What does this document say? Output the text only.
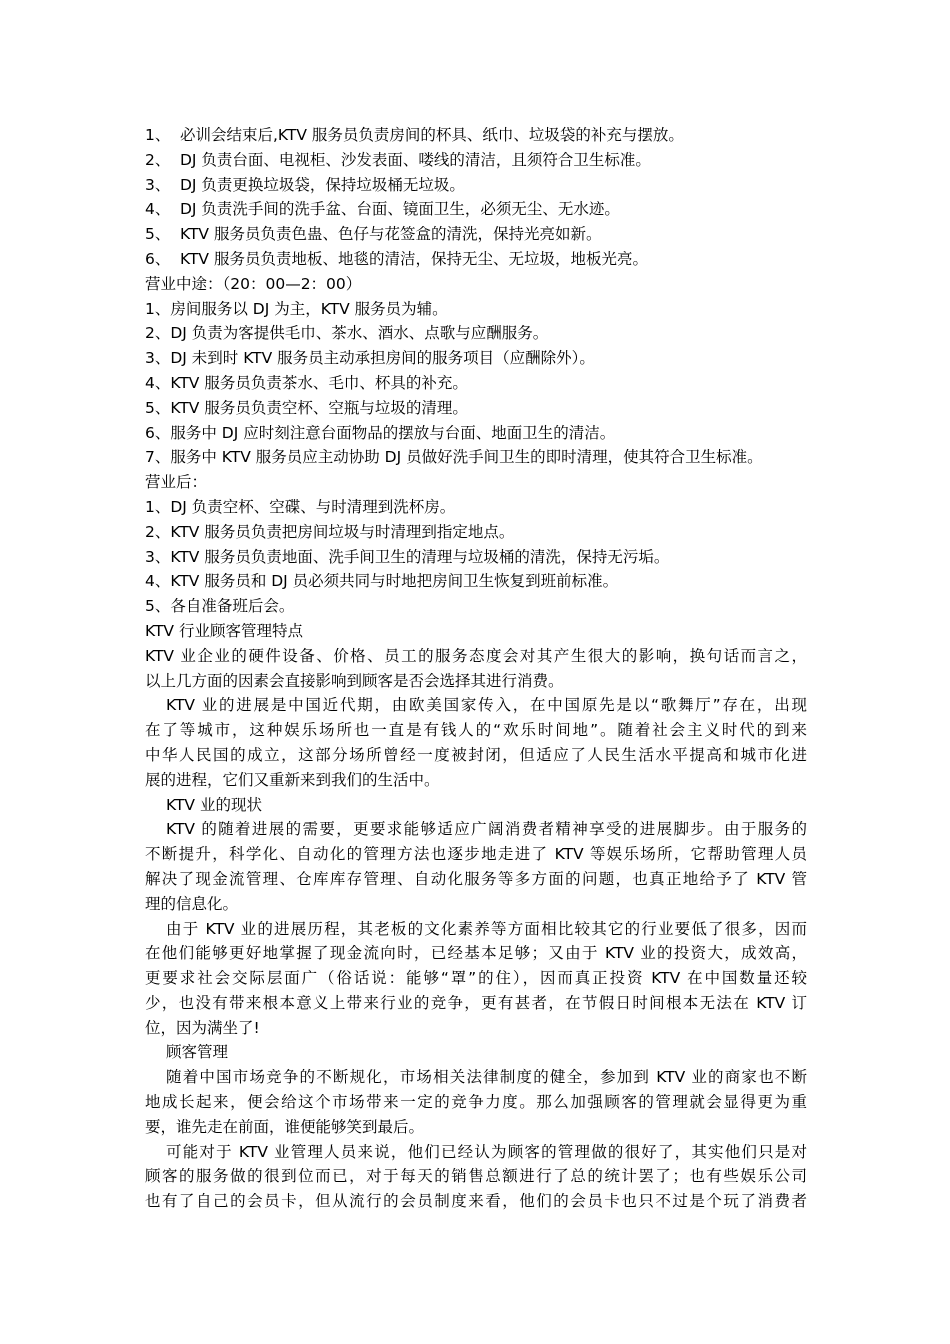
1、 必训会结束后,KTV 服务员负责房间的杯具、纸巾、垃圾袋的补充与摆放。
2、 DJ 负责台面、电视柜、沙发表面、喽线的清洁，且须符合卫生标准。
3、 DJ 负责更换垃圾袋，保持垃圾桶无垃圾。
4、 DJ 负责洗手间的洗手盆、台面、镜面卫生，必须无尘、无水迹。
5、 KTV 服务员负责色蛊、色仔与花签盒的清洗，保持光亮如新。
6、 KTV 服务员负责地板、地毯的清洁，保持无尘、无垃圾，地板光亮。
营业中途：（20：00—2：00）
1、房间服务以 DJ 为主，KTV 服务员为辅。
2、DJ 负责为客提供毛巾、茶水、酒水、点歌与应酬服务。
3、DJ 未到时 KTV 服务员主动承担房间的服务项目（应酬除外）。
4、KTV 服务员负责茶水、毛巾、杯具的补充。
5、KTV 服务员负责空杯、空瓶与垃圾的清理。
6、服务中 DJ 应时刻注意台面物品的摆放与台面、地面卫生的清洁。
7、服务中 KTV 服务员应主动协助 DJ 员做好洗手间卫生的即时清理，使其符合卫生标准。
营业后：
1、DJ 负责空杯、空碟、与时清理到洗杯房。
2、KTV 服务员负责把房间垃圾与时清理到指定地点。
3、KTV 服务员负责地面、洗手间卫生的清理与垃圾桶的清洗，保持无污垢。
4、KTV 服务员和 DJ 员必须共同与时地把房间卫生恢复到班前标准。
5、各自准备班后会。
KTV 行业顾客管理特点
KTV 业企业的硬件设备、价格、员工的服务态度会对其产生很大的影响，换句话而言之，
以上几方面的因素会直接影响到顾客是否会选择其进行消费。
KTV 业的进展是中国近代期，由欧美国家传入，在中国原先是以“歌舞厅”存在，出现
在了等城市，这种娱乐场所也一直是有钱人的“欢乐时间地”。随着社会主义时代的到来
中华人民国的成立，这部分场所曾经一度被封闭，但适应了人民生活水平提高和城市化进
展的进程，它们又重新来到我们的生活中。
KTV 业的现状
KTV 的随着进展的需要，更要求能够适应广阔消费者精神享受的进展脚步。由于服务的
不断提升，科学化、自动化的管理方法也逐步地走进了 KTV 等娱乐场所，它帮助管理人员
解决了现金流管理、仓库库存管理、自动化服务等多方面的问题，也真正地给予了 KTV 管
理的信息化。
由于 KTV 业的进展历程，其老板的文化素养等方面相比较其它的行业要低了很多，因而
在他们能够更好地掌握了现金流向时，已经基本足够；又由于 KTV 业的投资大，成效高，
更要求社会交际层面广（俗话说：能够“罩”的住），因而真正投资 KTV 在中国数量还较
少，也没有带来根本意义上带来行业的竞争，更有甚者，在节假日时间根本无法在 KTV 订
位，因为满坐了!
顾客管理
随着中国市场竞争的不断规化，市场相关法律制度的健全，参加到 KTV 业的商家也不断
地成长起来，便会给这个市场带来一定的竞争力度。那么加强顾客的管理就会显得更为重
要，谁先走在前面，谁便能够笑到最后。
可能对于 KTV 业管理人员来说，他们已经认为顾客的管理做的很好了，其实他们只是对
顾客的服务做的很到位而已，对于每天的销售总额进行了总的统计罢了；也有些娱乐公司
也有了自己的会员卡，但从流行的会员制度来看，他们的会员卡也只不过是个玩了消费者
